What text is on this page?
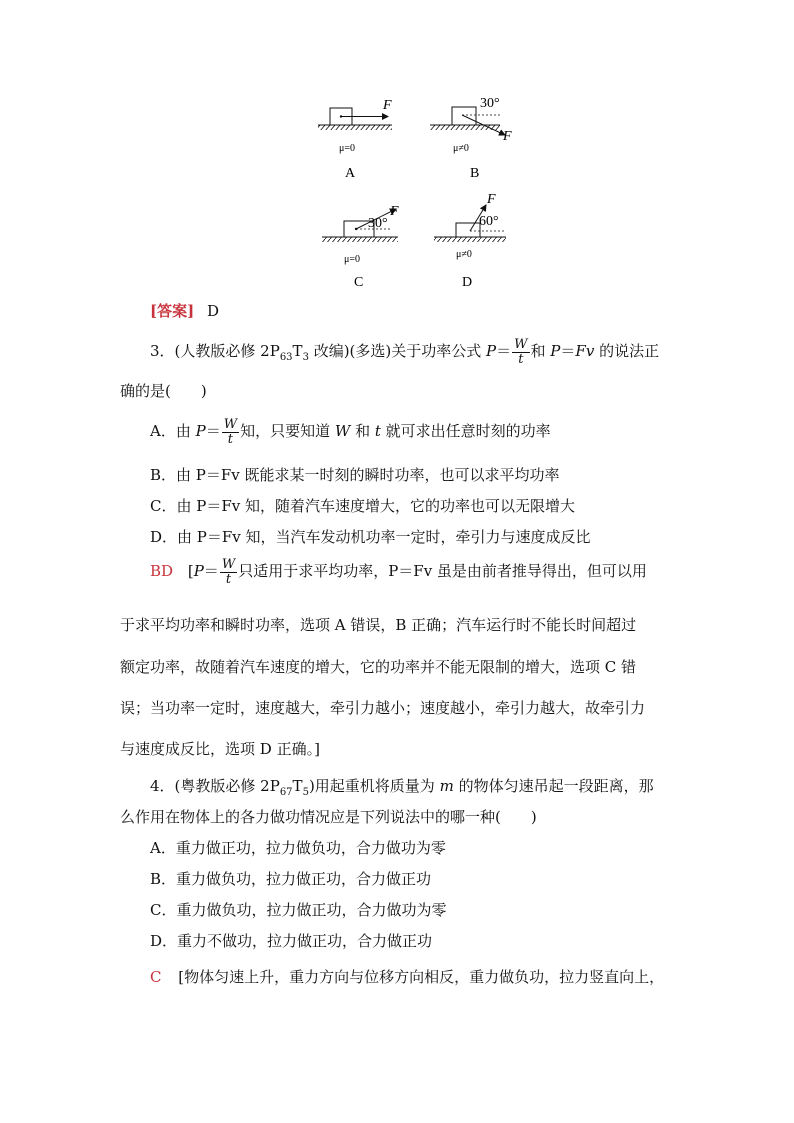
F
μ=0
A
30°
F
μ≠0
B
30°
F
μ=0
C
60°
F
μ≠0
D
[答案] D
3．(人教版必修 $2P_{63}T_3$ 改编)(多选)关于功率公式 $P= \frac{W}{t}$ 和 P＝Fv 的说法正
确的是(　　)
A．由 $P= \frac{W}{t}$ 知，只要知道 W 和 t 就可求出任意时刻的功率
B．由 P＝Fv 既能求某一时刻的瞬时功率，也可以求平均功率
C．由 P＝Fv 知，随着汽车速度增大，它的功率也可以无限增大
D．由 P＝Fv 知，当汽车发动机功率一定时，牵引力与速度成反比
BD [$P= \frac{W}{t}$ 只适用于求平均功率，P＝Fv 虽是由前者推导得出，但可以用
于求平均功率和瞬时功率，选项 A 错误，B 正确；汽车运行时不能长时间超过
额定功率，故随着汽车速度的增大，它的功率并不能无限制的增大，选项 C 错
误；当功率一定时，速度越大，牵引力越小；速度越小，牵引力越大，故牵引力
与速度成反比，选项 D 正确。]
4．(粤教版必修 $2P_{67}T_5$)用起重机将质量为 m 的物体匀速吊起一段距离，那
么作用在物体上的各力做功情况应是下列说法中的哪一种(　　)
A．重力做正功，拉力做负功，合力做功为零
B．重力做负功，拉力做正功，合力做正功
C．重力做负功，拉力做正功，合力做功为零
D．重力不做功，拉力做正功，合力做正功
C [物体匀速上升，重力方向与位移方向相反，重力做负功，拉力竖直向上，
